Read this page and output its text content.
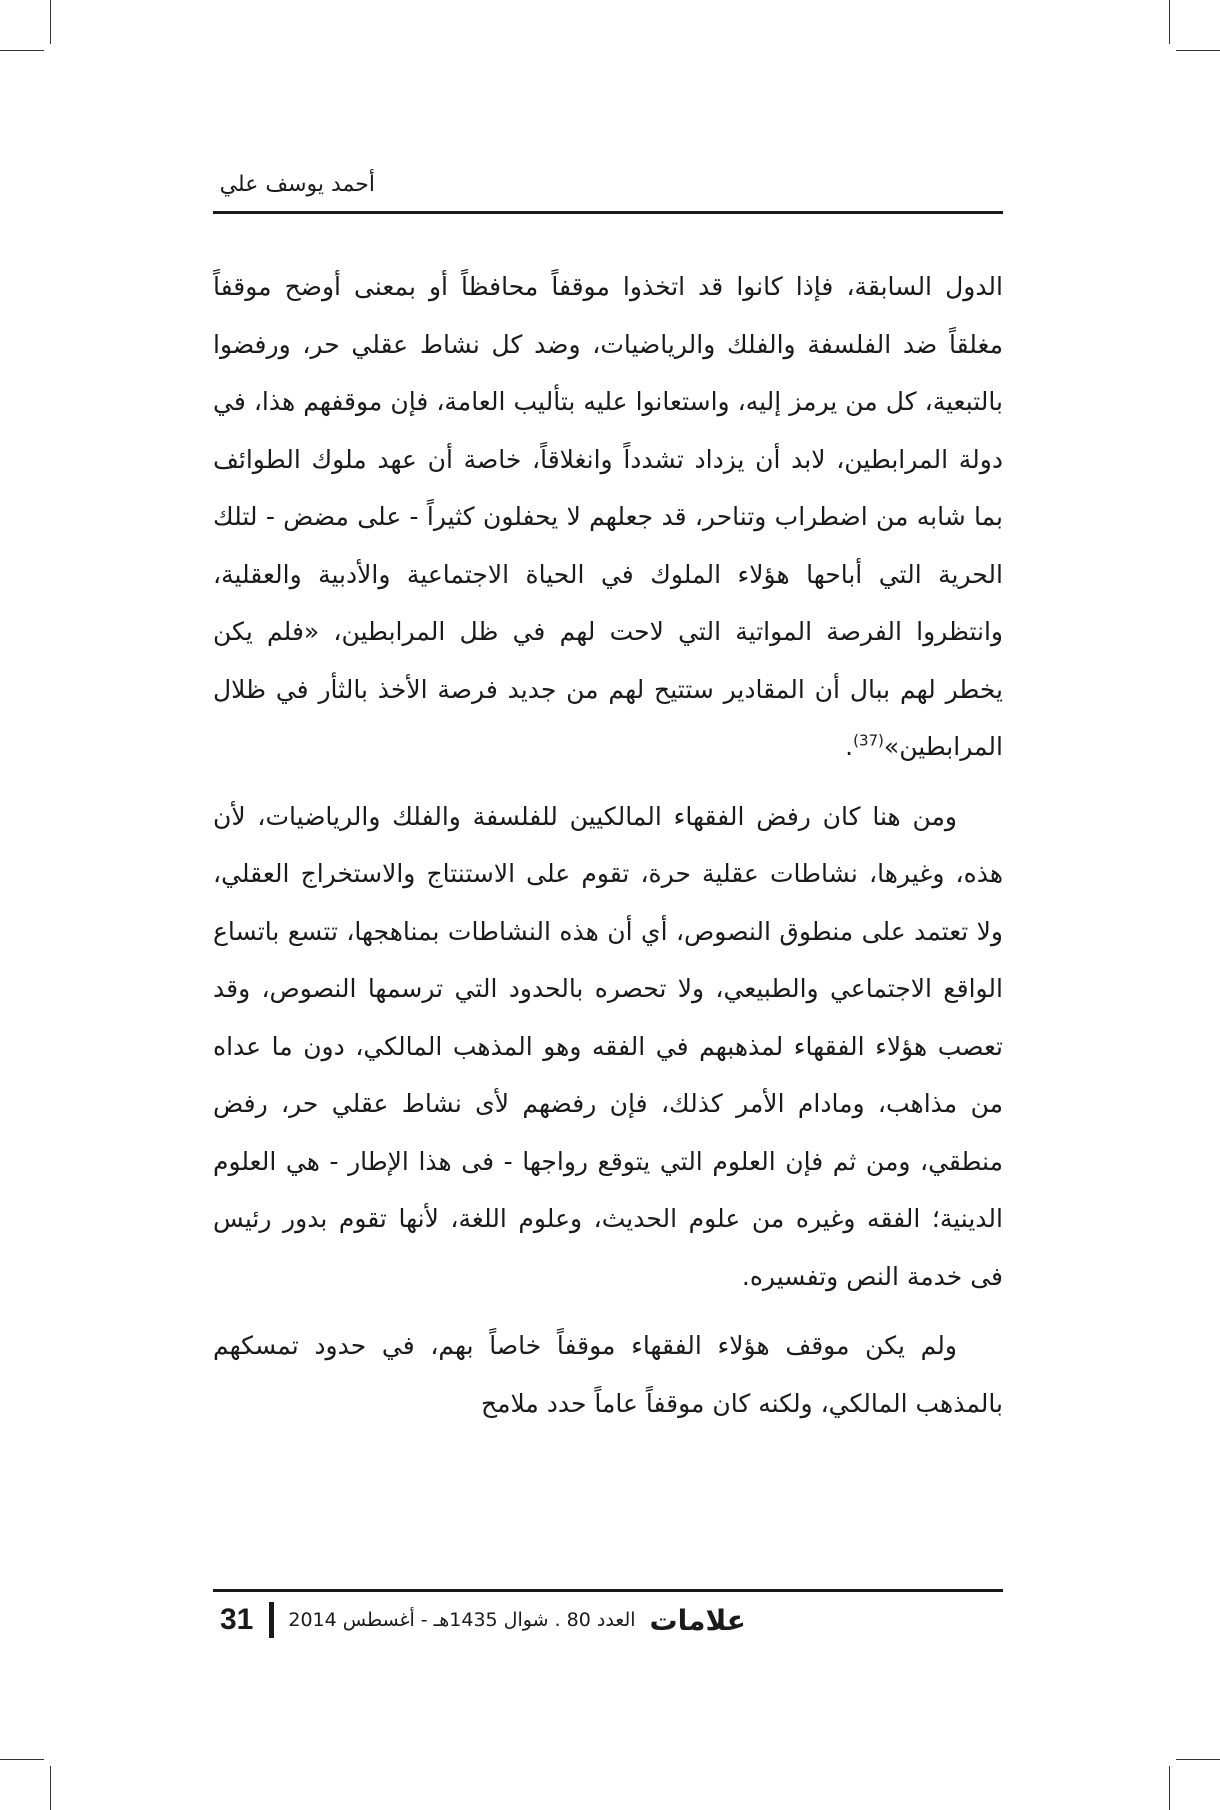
أحمد يوسف علي

الدول السابقة، فإذا كانوا قد اتخذوا موقفاً محافظاً أو بمعنى أوضح موقفاً مغلقاً ضد الفلسفة والفلك والرياضيات، وضد كل نشاط عقلي حر، ورفضوا بالتبعية، كل من يرمز إليه، واستعانوا عليه بتأليب العامة، فإن موقفهم هذا، في دولة المرابطين، لابد أن يزداد تشدداً وانغلاقاً، خاصة أن عهد ملوك الطوائف بما شابه من اضطراب وتناحر، قد جعلهم لا يحفلون كثيراً - على مضض - لتلك الحرية التي أباحها هؤلاء الملوك في الحياة الاجتماعية والأدبية والعقلية، وانتظروا الفرصة المواتية التي لاحت لهم في ظل المرابطين، «فلم يكن يخطر لهم ببال أن المقادير ستتيح لهم من جديد فرصة الأخذ بالثأر في ظلال المرابطين»$^{(37)}$.

ومن هنا كان رفض الفقهاء المالكيين للفلسفة والفلك والرياضيات، لأن هذه، وغيرها، نشاطات عقلية حرة، تقوم على الاستنتاج والاستخراج العقلي، ولا تعتمد على منطوق النصوص، أي أن هذه النشاطات بمناهجها، تتسع باتساع الواقع الاجتماعي والطبيعي، ولا تحصره بالحدود التي ترسمها النصوص، وقد تعصب هؤلاء الفقهاء لمذهبهم في الفقه وهو المذهب المالكي، دون ما عداه من مذاهب، ومادام الأمر كذلك، فإن رفضهم لأى نشاط عقلي حر، رفض منطقي، ومن ثم فإن العلوم التي يتوقع رواجها - فى هذا الإطار - هي العلوم الدينية؛ الفقه وغيره من علوم الحديث، وعلوم اللغة، لأنها تقوم بدور رئيس فى خدمة النص وتفسيره.

ولم يكن موقف هؤلاء الفقهاء موقفاً خاصاً بهم، في حدود تمسكهم بالمذهب المالكي، ولكنه كان موقفاً عاماً حدد ملامح

31 العدد 80 . شوال 1435هـ - أغسطس 2014 علامات
